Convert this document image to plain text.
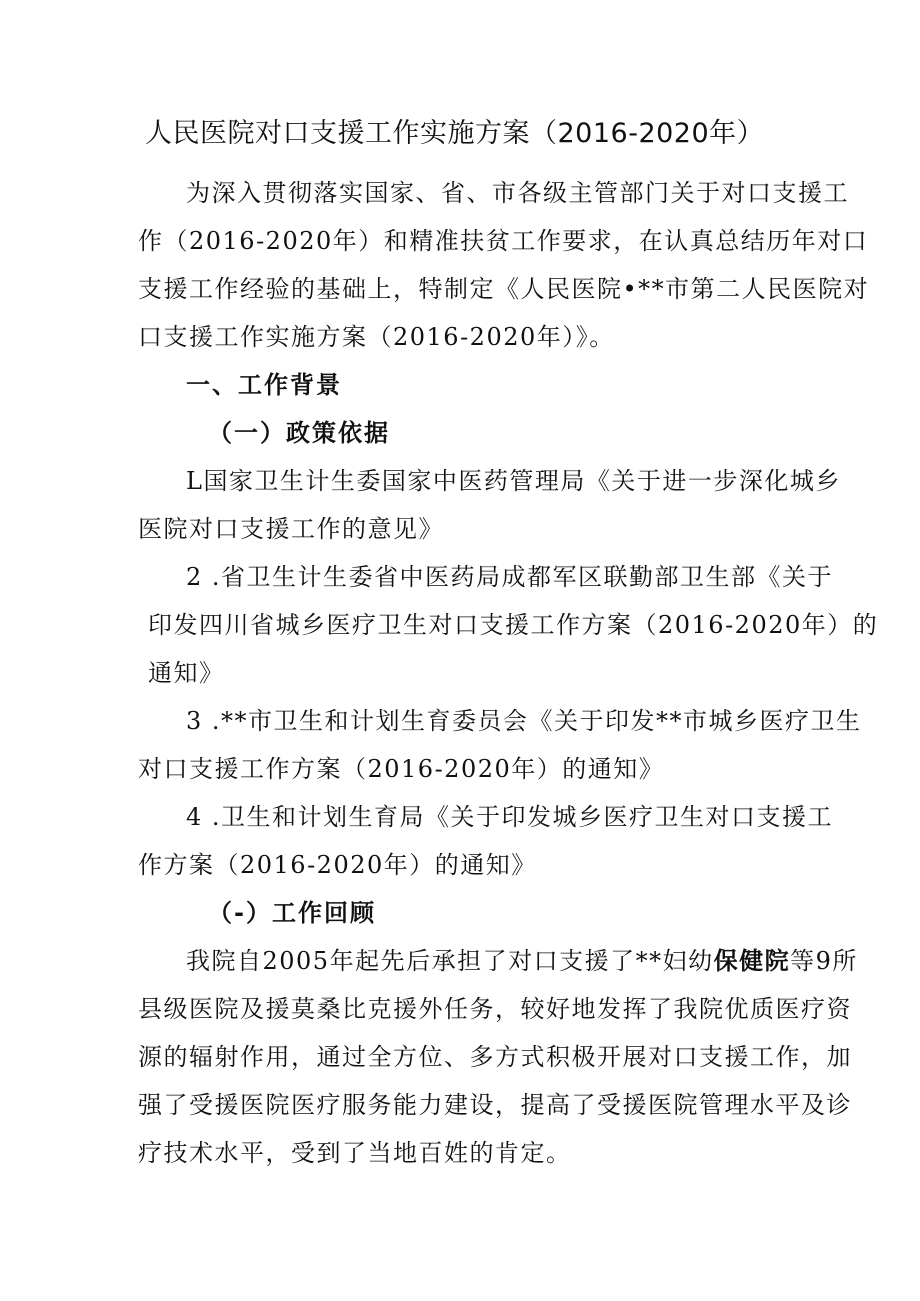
人民医院对口支援工作实施方案（2016-2020年）
为深入贯彻落实国家、省、市各级主管部门关于对口支援工
作（2016-2020年）和精准扶贫工作要求，在认真总结历年对口
支援工作经验的基础上，特制定《人民医院•**市第二人民医院对
口支援工作实施方案（2016-2020年）》。
一、工作背景
（一）政策依据
L国家卫生计生委国家中医药管理局《关于进一步深化城乡
医院对口支援工作的意见》
2 .省卫生计生委省中医药局成都军区联勤部卫生部《关于
印发四川省城乡医疗卫生对口支援工作方案（2016-2020年）的
通知》
3 .**市卫生和计划生育委员会《关于印发**市城乡医疗卫生
对口支援工作方案（2016-2020年）的通知》
4 .卫生和计划生育局《关于印发城乡医疗卫生对口支援工
作方案（2016-2020年）的通知》
（-）工作回顾
我院自2005年起先后承担了对口支援了**妇幼保健院等9所
县级医院及援莫桑比克援外任务，较好地发挥了我院优质医疗资
源的辐射作用，通过全方位、多方式积极开展对口支援工作，加
强了受援医院医疗服务能力建设，提高了受援医院管理水平及诊
疗技术水平，受到了当地百姓的肯定。
